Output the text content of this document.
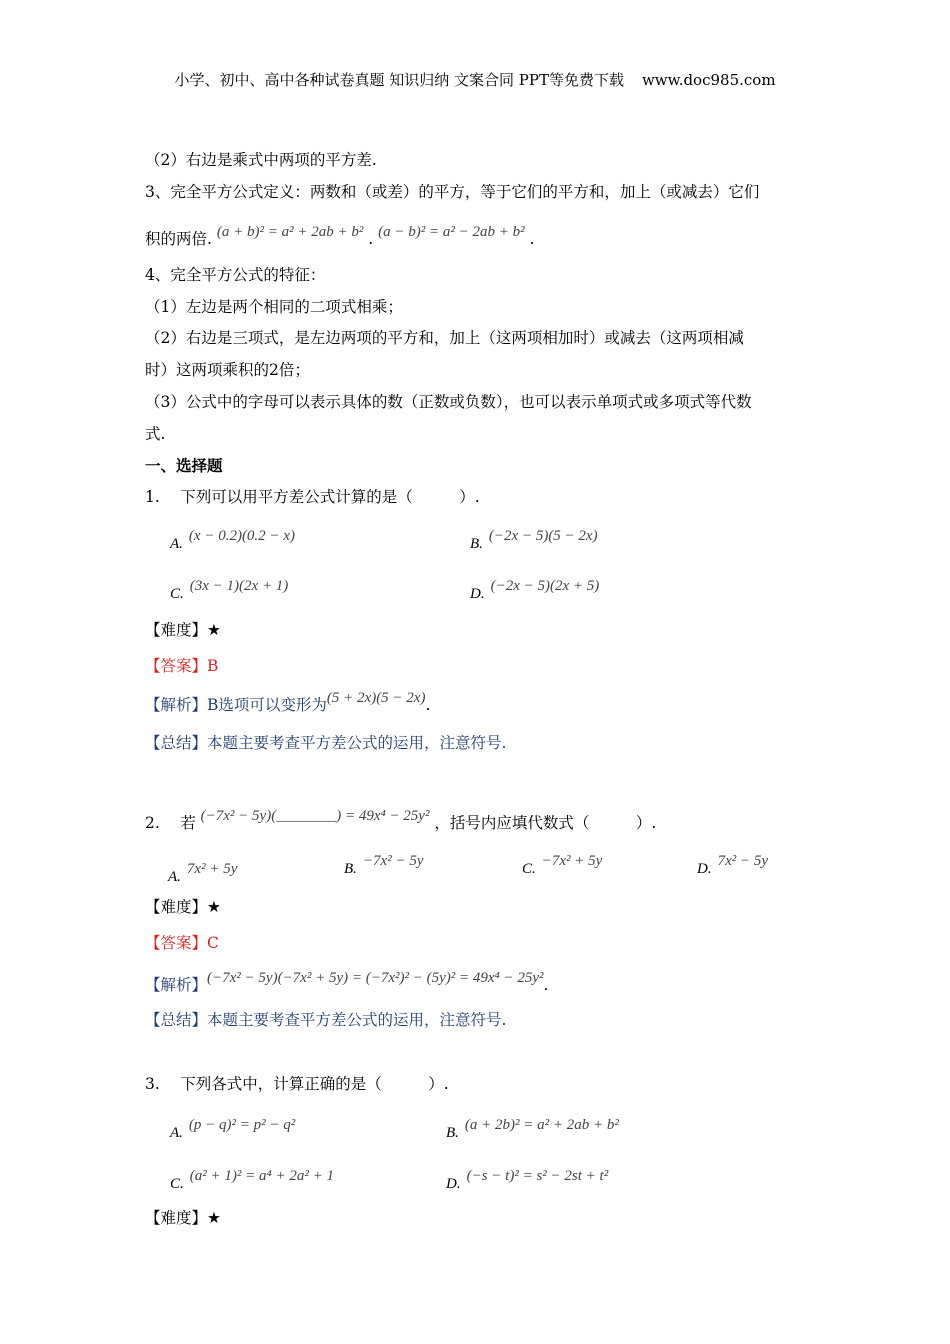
小学、初中、高中各种试卷真题 知识归纳 文案合同 PPT等免费下载 www.doc985.com
（2）右边是乘式中两项的平方差.
3、完全平方公式定义：两数和（或差）的平方，等于它们的平方和，加上（或减去）它们
积的两倍. (a + b)² = a² + 2ab + b² . (a − b)² = a² − 2ab + b² .
4、完全平方公式的特征：
（1）左边是两个相同的二项式相乘；
（2）右边是三项式，是左边两项的平方和，加上（这两项相加时）或减去（这两项相减
时）这两项乘积的2倍；
（3）公式中的字母可以表示具体的数（正数或负数），也可以表示单项式或多项式等代数
式.
一、选择题
1.　 下列可以用平方差公式计算的是（　　　）.
A. (x − 0.2)(0.2 − x)	B. (−2x − 5)(5 − 2x)
C. (3x − 1)(2x + 1)	D. (−2x − 5)(2x + 5)
【难度】★
【答案】B
【解析】B选项可以变形为(5 + 2x)(5 − 2x).
【总结】本题主要考查平方差公式的运用，注意符号.
2.　 若 (−7x² − 5y)(________) = 49x⁴ − 25y² ，括号内应填代数式（　　　）.
A. 7x² + 5y	B. −7x² − 5y	C. −7x² + 5y	D. 7x² − 5y
【难度】★
【答案】C
【解析】(−7x² − 5y)(−7x² + 5y) = (−7x²)² − (5y)² = 49x⁴ − 25y².
【总结】本题主要考查平方差公式的运用，注意符号.
3.　 下列各式中，计算正确的是（　　　）.
A. (p − q)² = p² − q²	B. (a + 2b)² = a² + 2ab + b²
C. (a² + 1)² = a⁴ + 2a² + 1	D. (−s − t)² = s² − 2st + t²
【难度】★
